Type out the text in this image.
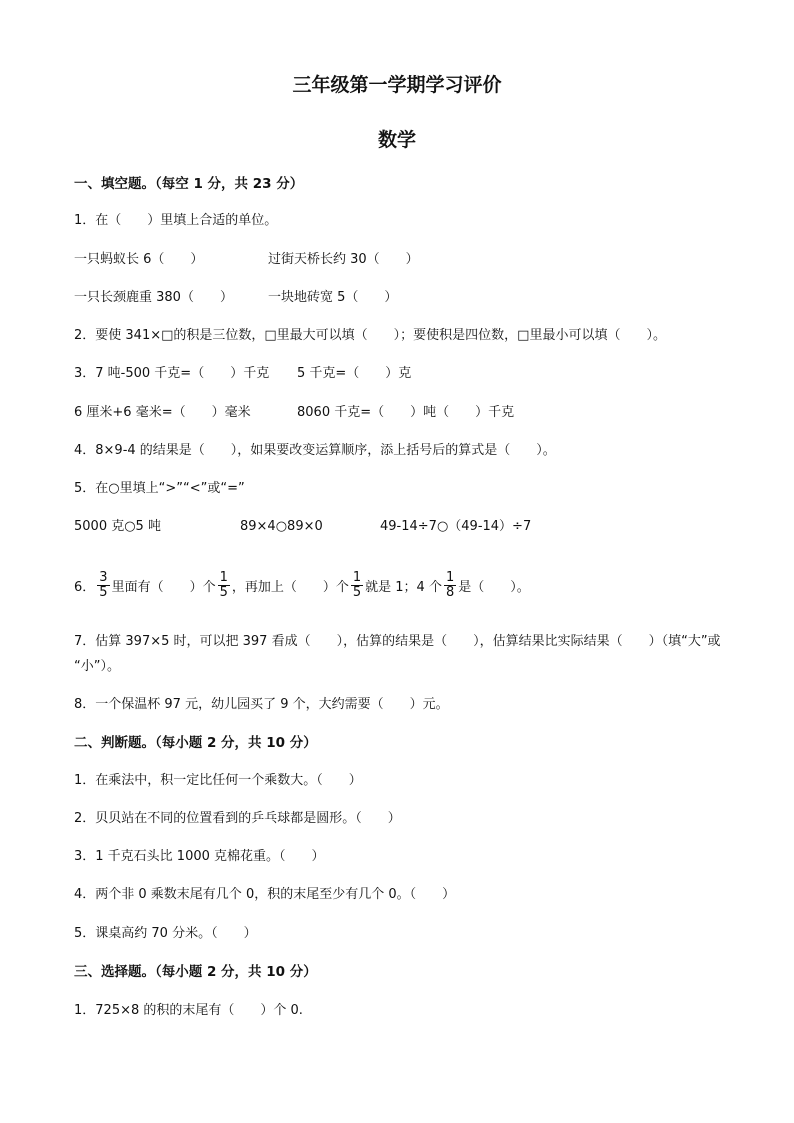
三年级第一学期学习评价
数学
一、填空题。（每空 1 分，共 23 分）
1．在（　　）里填上合适的单位。
一只蚂蚁长 6（　　）	过街天桥长约 30（　　）
一只长颈鹿重 380（　　）	一块地砖宽 5（　　）
2．要使 341×□的积是三位数，□里最大可以填（　　）；要使积是四位数，□里最小可以填（　　）。
3．7 吨-500 千克=（　　）千克 5 千克=（　　）克
6 厘米+6 毫米=（　　）毫米	8060 千克=（　　）吨（　　）千克
4．8×9-4 的结果是（　　），如果要改变运算顺序，添上括号后的算式是（　　）。
5．在○里填上“>”“<”或“=”
5000 克○5 吨	89×4○89×0	49-14÷7○（49-14）÷7
6． $\frac{3}{5}$ 里面有（　　）个 $\frac{1}{5}$ ，再加上（　　）个 $\frac{1}{5}$ 就是 1；4 个 $\frac{1}{8}$ 是（　　）。
7．估算 397×5 时，可以把 397 看成（　　），估算的结果是（　　），估算结果比实际结果（　　）（填“大”或
“小”）。
8．一个保温杯 97 元，幼儿园买了 9 个，大约需要（　　）元。
二、判断题。（每小题 2 分，共 10 分）
1．在乘法中，积一定比任何一个乘数大。（　　）
2．贝贝站在不同的位置看到的乒乓球都是圆形。（　　）
3．1 千克石头比 1000 克棉花重。（　　）
4．两个非 0 乘数末尾有几个 0，积的末尾至少有几个 0。（　　）
5．课桌高约 70 分米。（　　）
三、选择题。（每小题 2 分，共 10 分）
1．725×8 的积的末尾有（　　）个 0.
